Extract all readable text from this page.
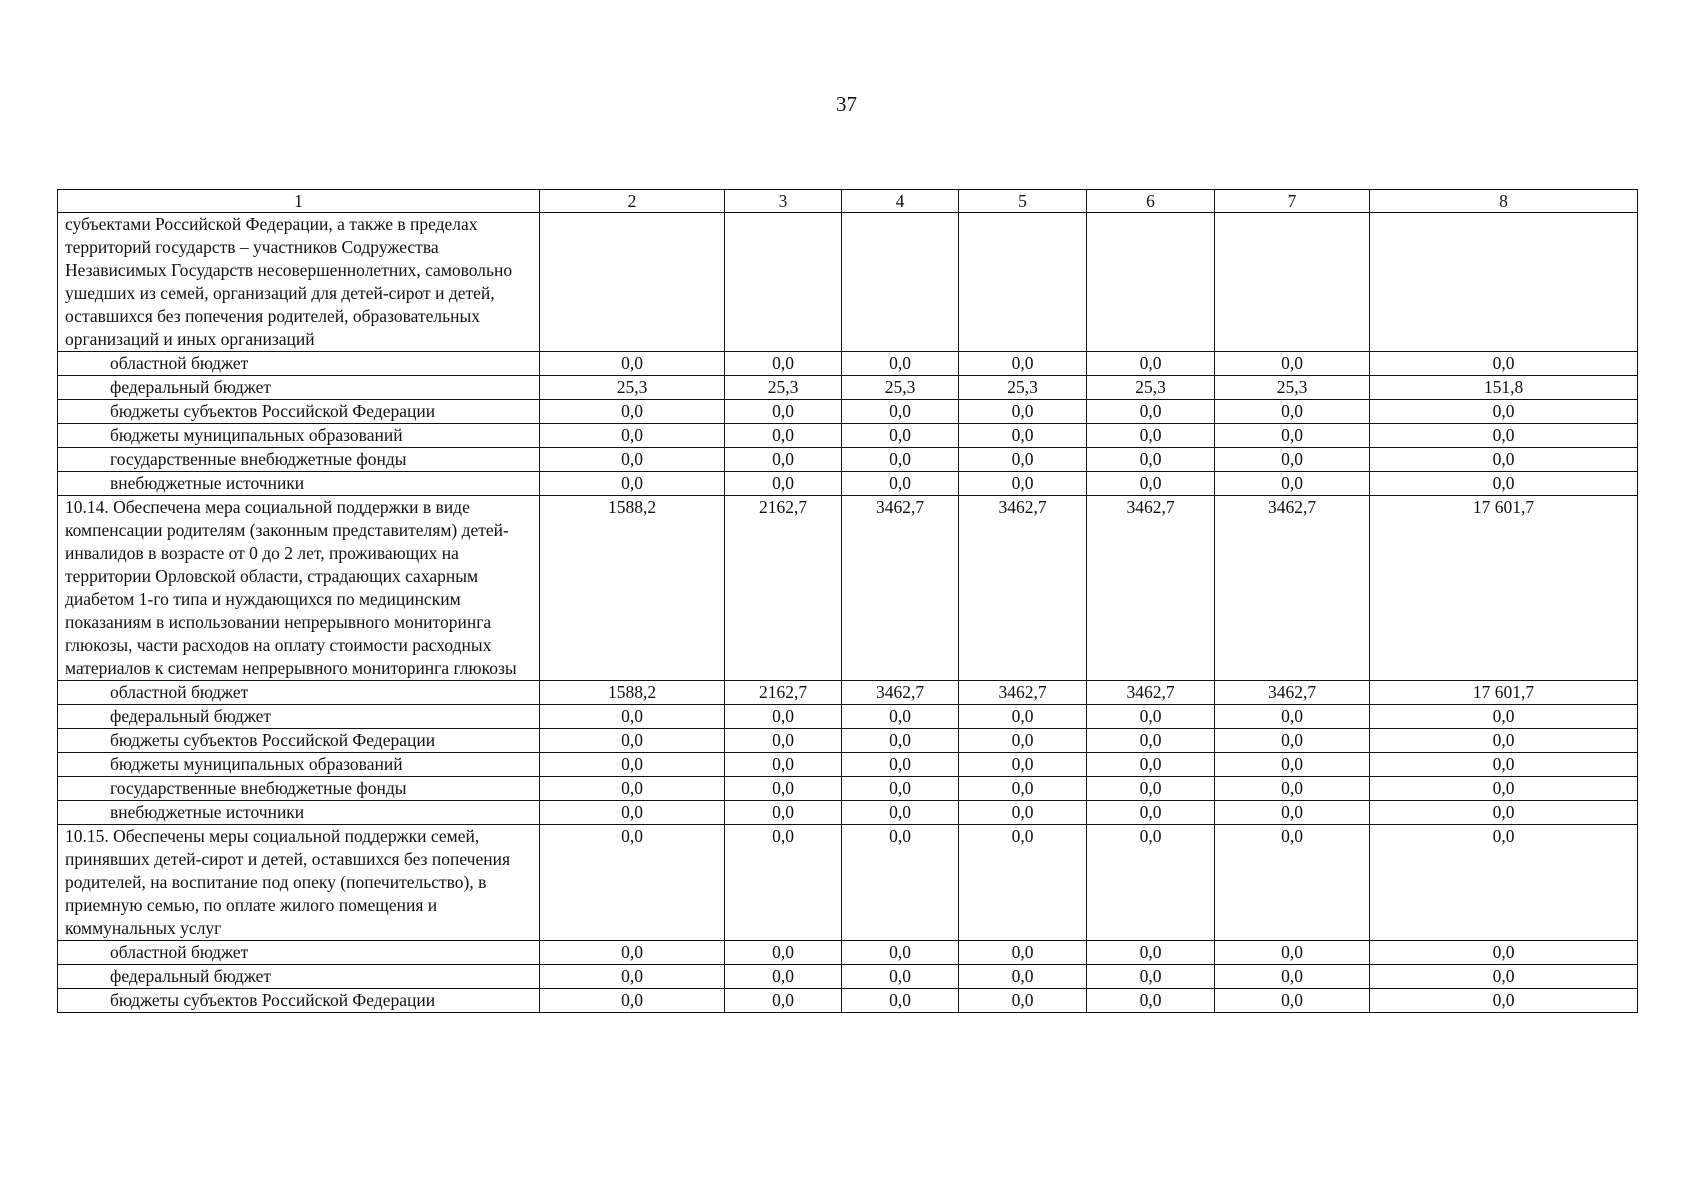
37
1	2	3	4	5	6	7	8
субъектами Российской Федерации, а также в пределах территорий государств – участников Содружества Независимых Государств несовершеннолетних, самовольно ушедших из семей, организаций для детей-сирот и детей, оставшихся без попечения родителей, образовательных организаций и иных организаций							
областной бюджет	0,0	0,0	0,0	0,0	0,0	0,0	0,0
федеральный бюджет	25,3	25,3	25,3	25,3	25,3	25,3	151,8
бюджеты субъектов Российской Федерации	0,0	0,0	0,0	0,0	0,0	0,0	0,0
бюджеты муниципальных образований	0,0	0,0	0,0	0,0	0,0	0,0	0,0
государственные внебюджетные фонды	0,0	0,0	0,0	0,0	0,0	0,0	0,0
внебюджетные источники	0,0	0,0	0,0	0,0	0,0	0,0	0,0
10.14. Обеспечена мера социальной поддержки в виде компенсации родителям (законным представителям) детей-инвалидов в возрасте от 0 до 2 лет, проживающих на территории Орловской области, страдающих сахарным диабетом 1-го типа и нуждающихся по медицинским показаниям в использовании непрерывного мониторинга глюкозы, части расходов на оплату стоимости расходных материалов к системам непрерывного мониторинга глюкозы	1588,2	2162,7	3462,7	3462,7	3462,7	3462,7	17 601,7
областной бюджет	1588,2	2162,7	3462,7	3462,7	3462,7	3462,7	17 601,7
федеральный бюджет	0,0	0,0	0,0	0,0	0,0	0,0	0,0
бюджеты субъектов Российской Федерации	0,0	0,0	0,0	0,0	0,0	0,0	0,0
бюджеты муниципальных образований	0,0	0,0	0,0	0,0	0,0	0,0	0,0
государственные внебюджетные фонды	0,0	0,0	0,0	0,0	0,0	0,0	0,0
внебюджетные источники	0,0	0,0	0,0	0,0	0,0	0,0	0,0
10.15. Обеспечены меры социальной поддержки семей, принявших детей-сирот и детей, оставшихся без попечения родителей, на воспитание под опеку (попечительство), в приемную семью, по оплате жилого помещения и коммунальных услуг	0,0	0,0	0,0	0,0	0,0	0,0	0,0
областной бюджет	0,0	0,0	0,0	0,0	0,0	0,0	0,0
федеральный бюджет	0,0	0,0	0,0	0,0	0,0	0,0	0,0
бюджеты субъектов Российской Федерации	0,0	0,0	0,0	0,0	0,0	0,0	0,0
